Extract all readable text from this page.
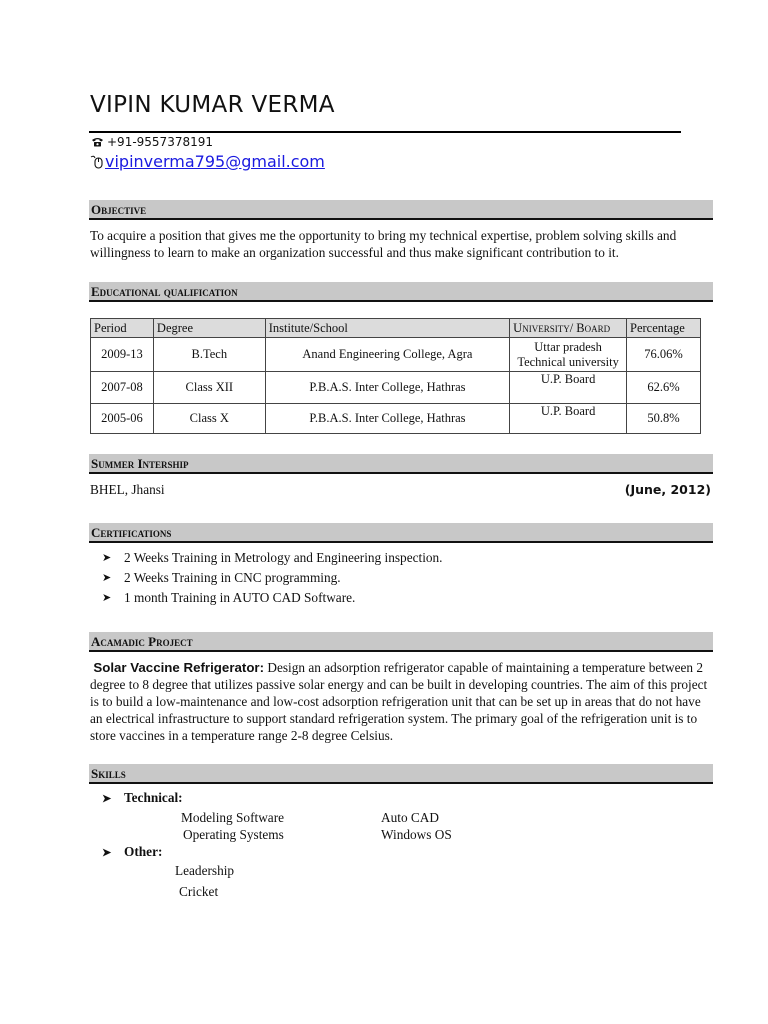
VIPIN KUMAR VERMA
+91-9557378191
vipinverma795@gmail.com
Objective
To acquire a position that gives me the opportunity to bring my technical expertise, problem solving skills and willingness to learn to make an organization successful and thus make significant contribution to it.
Educational qualification
Period	Degree	Institute/School	University/ Board	Percentage
2009-13	B.Tech	Anand Engineering College, Agra	Uttar pradesh Technical university	76.06%
2007-08	Class XII	P.B.A.S. Inter College, Hathras	U.P. Board	62.6%
2005-06	Class X	P.B.A.S. Inter College, Hathras	U.P. Board	50.8%
Summer Intership
BHEL, Jhansi	(June, 2012)
Certifications
➤ 2 Weeks Training in Metrology and Engineering inspection.
➤ 2 Weeks Training in CNC programming.
➤ 1 month Training in AUTO CAD Software.
Acamadic Project
Solar Vaccine Refrigerator: Design an adsorption refrigerator capable of maintaining a temperature between 2 degree to 8 degree that utilizes passive solar energy and can be built in developing countries. The aim of this project is to build a low-maintenance and low-cost adsorption refrigeration unit that can be set up in areas that do not have an electrical infrastructure to support standard refrigeration system. The primary goal of the refrigeration unit is to store vaccines in a temperature range 2-8 degree Celsius.
Skills
➤ Technical:
Modeling Software	Auto CAD
Operating Systems	Windows OS
➤ Other:
Leadership
Cricket
